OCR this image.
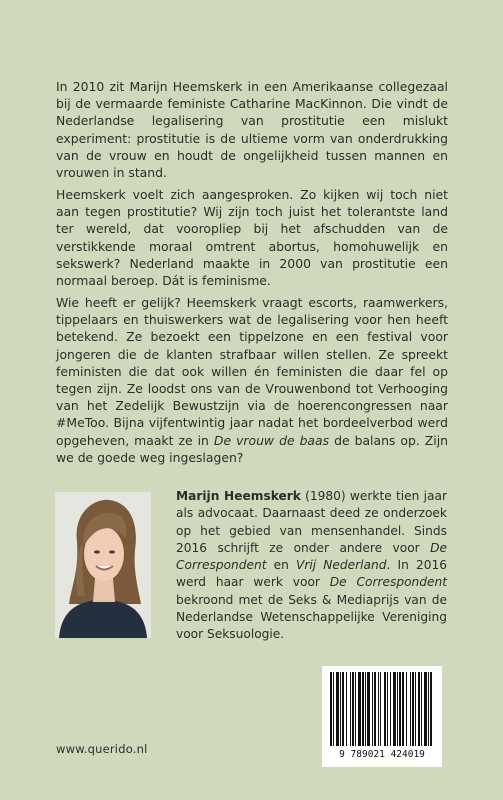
In 2010 zit Marijn Heemskerk in een Amerikaanse collegezaal bij de vermaarde feministe Catharine MacKinnon. Die vindt de Nederlandse legalisering van prostitutie een mislukt experiment: prostitutie is de ultieme vorm van onderdrukking van de vrouw en houdt de ongelijkheid tussen mannen en vrouwen in stand.

Heemskerk voelt zich aangesproken. Zo kijken wij toch niet aan tegen prostitutie? Wij zijn toch juist het tolerantste land ter wereld, dat vooropliep bij het afschudden van de verstikkende moraal omtrent abortus, homohuwelijk en sekswerk? Nederland maakte in 2000 van prostitutie een normaal beroep. Dát is feminisme.

Wie heeft er gelijk? Heemskerk vraagt escorts, raamwerkers, tippelaars en thuiswerkers wat de legalisering voor hen heeft betekend. Ze bezoekt een tippelzone en een festival voor jongeren die de klanten strafbaar willen stellen. Ze spreekt feministen die dat ook willen én feministen die daar fel op tegen zijn. Ze loodst ons van de Vrouwenbond tot Verhooging van het Zedelijk Bewustzijn via de hoerencongressen naar #MeToo. Bijna vijfentwintig jaar nadat het bordeelverbod werd opgeheven, maakt ze in De vrouw de baas de balans op. Zijn we de goede weg ingeslagen?

Marijn Heemskerk (1980) werkte tien jaar als advocaat. Daarnaast deed ze onderzoek op het gebied van mensenhandel. Sinds 2016 schrijft ze onder andere voor De Correspondent en Vrij Nederland. In 2016 werd haar werk voor De Correspondent bekroond met de Seks & Mediaprijs van de Nederlandse Wetenschappelijke Vereniging voor Seksuologie.

www.querido.nl	9 789021 424019
